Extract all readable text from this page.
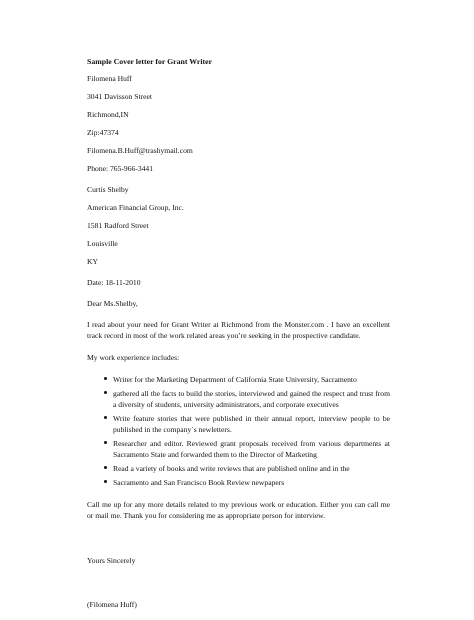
Sample Cover letter for Grant Writer
Filomena Huff
3041 Davisson Street
Richmond,IN
Zip:47374
Filomena.B.Huff@trashymail.com
Phone: 765-966-3441
Curtis Shelby
American Financial Group, Inc.
1581 Radford Street
Louisville
KY
Date: 18-11-2010
Dear Ms.Shelby,

I read about your need for Grant Writer at Richmond from the Monster.com . I have an excellent track record in most of the work related areas you’re seeking in the prospective candidate.

My work experience includes:

Writer for the Marketing Department of California State University, Sacramento
gathered all the facts to build the stories, interviewed and gained the respect and trust from a diversity of students, university administrators, and corporate executives
Write feature stories that were published in their annual report, interview people to be published in the company`s newletters.
Researcher and editor. Reviewed grant proposals received from various departments at Sacramento State and forwarded them to the Director of Marketing
Read a variety of books and write reviews that are published online and in the
Sacramento and San Francisco Book Review newpapers

Call me up for any more details related to my previous work or education. Either you can call me or mail me. Thank you for considering me as appropriate person for interview.

Yours Sincerely
(Filomena Huff)
